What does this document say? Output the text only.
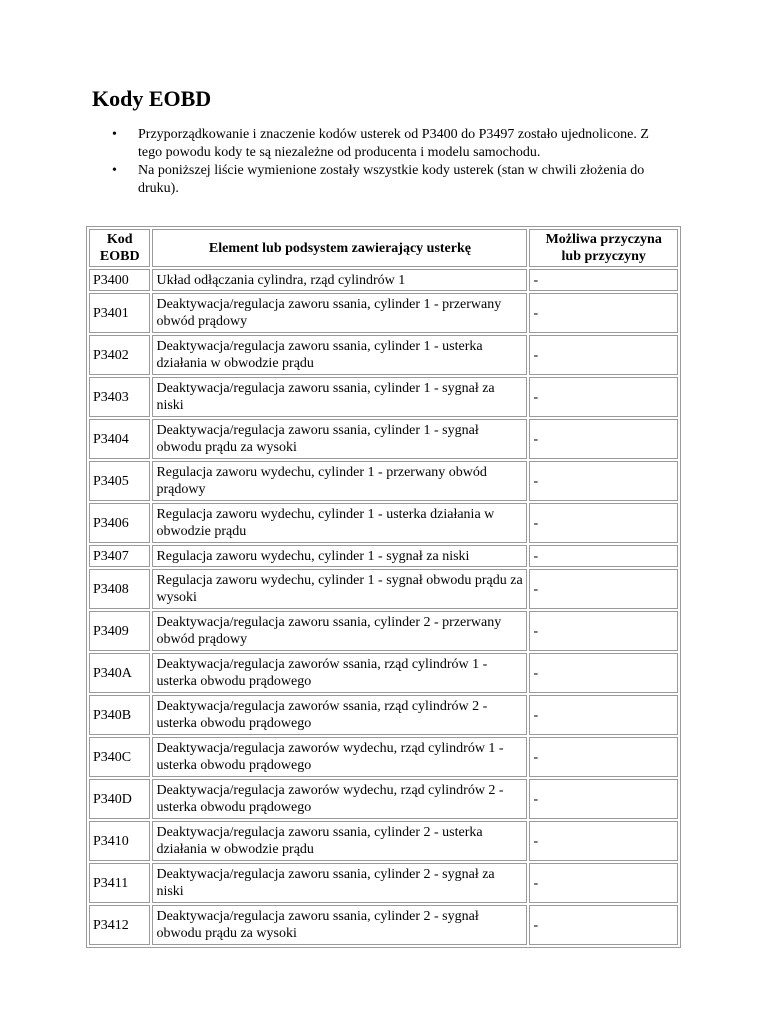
Kody EOBD
• Przyporządkowanie i znaczenie kodów usterek od P3400 do P3497 zostało ujednolicone. Z tego powodu kody te są niezależne od producenta i modelu samochodu.
• Na poniższej liście wymienione zostały wszystkie kody usterek (stan w chwili złożenia do druku).
Kod
EOBD	Element lub podsystem zawierający usterkę	Możliwa przyczyna
lub przyczyny
P3400	Układ odłączania cylindra, rząd cylindrów 1	-
P3401	Deaktywacja/regulacja zaworu ssania, cylinder 1 - przerwany obwód prądowy	-
P3402	Deaktywacja/regulacja zaworu ssania, cylinder 1 - usterka działania w obwodzie prądu	-
P3403	Deaktywacja/regulacja zaworu ssania, cylinder 1 - sygnał za niski	-
P3404	Deaktywacja/regulacja zaworu ssania, cylinder 1 - sygnał obwodu prądu za wysoki	-
P3405	Regulacja zaworu wydechu, cylinder 1 - przerwany obwód prądowy	-
P3406	Regulacja zaworu wydechu, cylinder 1 - usterka działania w obwodzie prądu	-
P3407	Regulacja zaworu wydechu, cylinder 1 - sygnał za niski	-
P3408	Regulacja zaworu wydechu, cylinder 1 - sygnał obwodu prądu za wysoki	-
P3409	Deaktywacja/regulacja zaworu ssania, cylinder 2 - przerwany obwód prądowy	-
P340A	Deaktywacja/regulacja zaworów ssania, rząd cylindrów 1 - usterka obwodu prądowego	-
P340B	Deaktywacja/regulacja zaworów ssania, rząd cylindrów 2 - usterka obwodu prądowego	-
P340C	Deaktywacja/regulacja zaworów wydechu, rząd cylindrów 1 - usterka obwodu prądowego	-
P340D	Deaktywacja/regulacja zaworów wydechu, rząd cylindrów 2 - usterka obwodu prądowego	-
P3410	Deaktywacja/regulacja zaworu ssania, cylinder 2 - usterka działania w obwodzie prądu	-
P3411	Deaktywacja/regulacja zaworu ssania, cylinder 2 - sygnał za niski	-
P3412	Deaktywacja/regulacja zaworu ssania, cylinder 2 - sygnał obwodu prądu za wysoki	-
